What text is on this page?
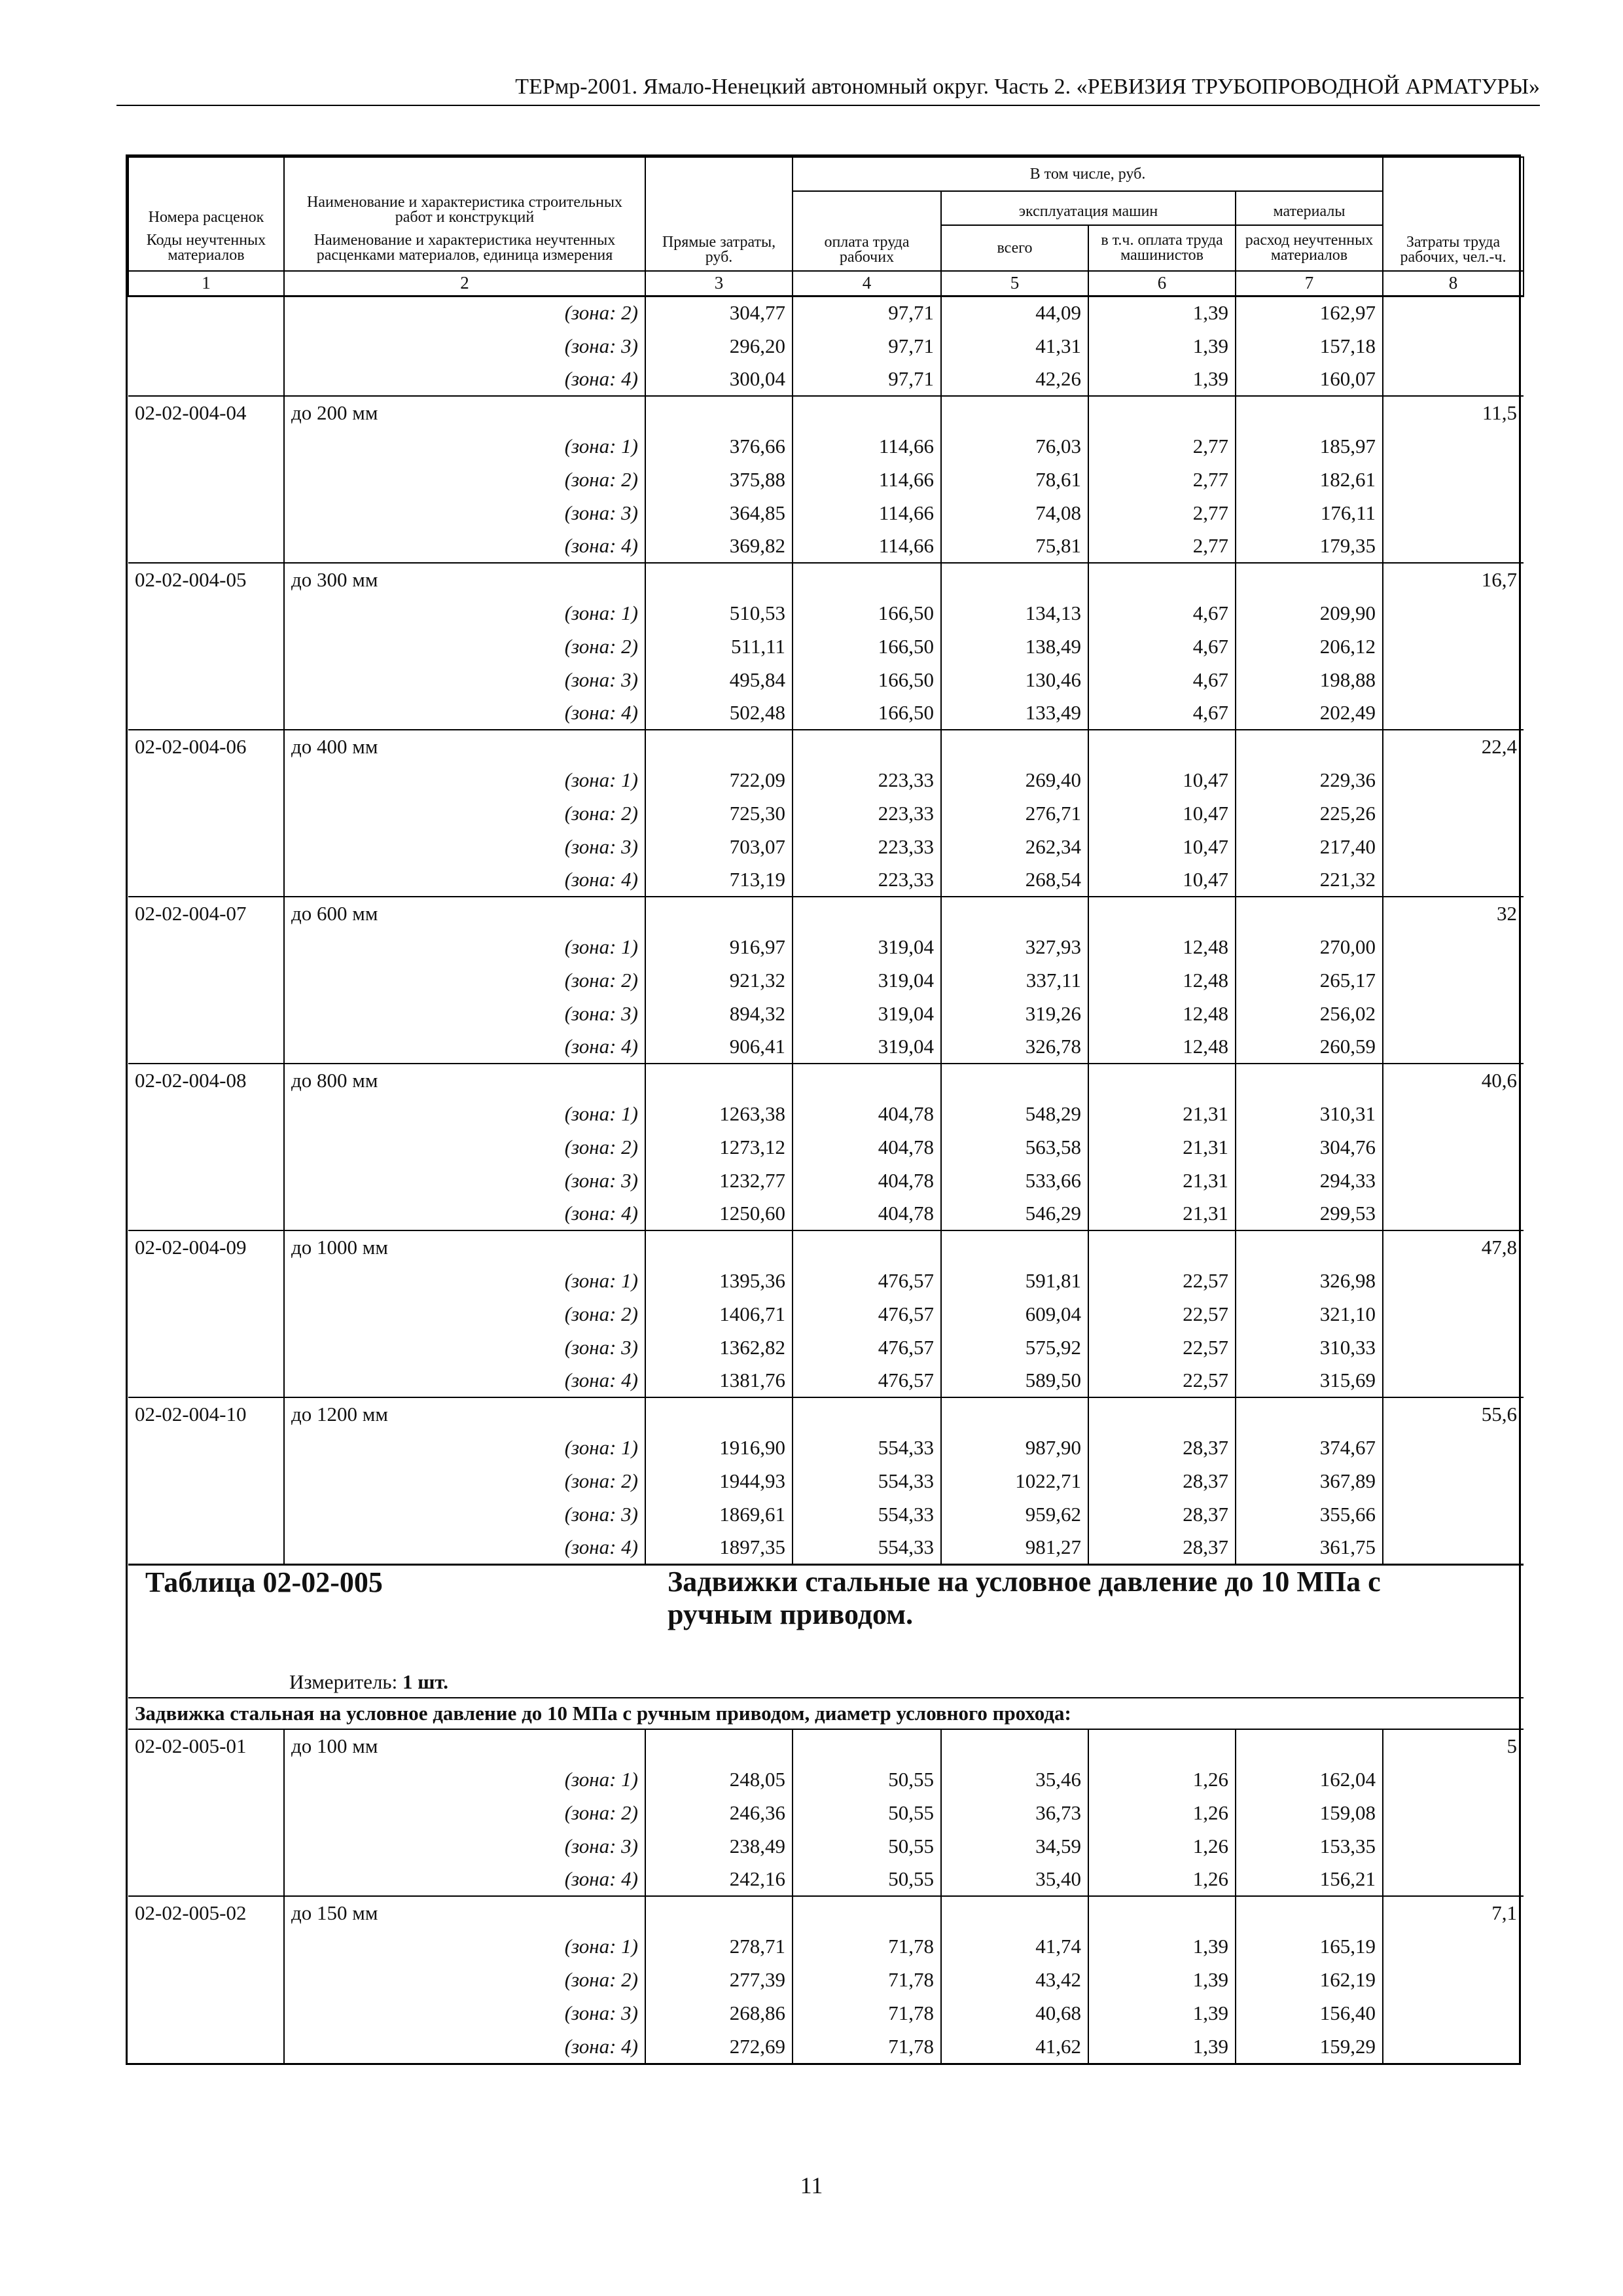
ТЕРмр-2001. Ямало-Ненецкий автономный округ. Часть 2. «РЕВИЗИЯ ТРУБОПРОВОДНОЙ АРМАТУРЫ»
Номера расценок	Наименование и характеристика строительных работ и конструкций	Прямые затраты, руб.	В том числе, руб.				Затраты труда рабочих, чел.-ч.
			оплата труда рабочих	эксплуатация машин		материалы	
Коды неучтенных материалов	Наименование и характеристика неучтенных расценками материалов, единица измерения			всего	в т.ч. оплата труда машинистов	расход неучтенных материалов	

1	2	3	4	5	6	7	8
	(зона: 2)	304,77	97,71	44,09	1,39	162,97	
	(зона: 3)	296,20	97,71	41,31	1,39	157,18	
	(зона: 4)	300,04	97,71	42,26	1,39	160,07	
02-02-004-04	до 200 мм						11,5
	(зона: 1)	376,66	114,66	76,03	2,77	185,97	
	(зона: 2)	375,88	114,66	78,61	2,77	182,61	
	(зона: 3)	364,85	114,66	74,08	2,77	176,11	
	(зона: 4)	369,82	114,66	75,81	2,77	179,35	
02-02-004-05	до 300 мм						16,7
	(зона: 1)	510,53	166,50	134,13	4,67	209,90	
	(зона: 2)	511,11	166,50	138,49	4,67	206,12	
	(зона: 3)	495,84	166,50	130,46	4,67	198,88	
	(зона: 4)	502,48	166,50	133,49	4,67	202,49	
02-02-004-06	до 400 мм						22,4
	(зона: 1)	722,09	223,33	269,40	10,47	229,36	
	(зона: 2)	725,30	223,33	276,71	10,47	225,26	
	(зона: 3)	703,07	223,33	262,34	10,47	217,40	
	(зона: 4)	713,19	223,33	268,54	10,47	221,32	
02-02-004-07	до 600 мм						32
	(зона: 1)	916,97	319,04	327,93	12,48	270,00	
	(зона: 2)	921,32	319,04	337,11	12,48	265,17	
	(зона: 3)	894,32	319,04	319,26	12,48	256,02	
	(зона: 4)	906,41	319,04	326,78	12,48	260,59	
02-02-004-08	до 800 мм						40,6
	(зона: 1)	1263,38	404,78	548,29	21,31	310,31	
	(зона: 2)	1273,12	404,78	563,58	21,31	304,76	
	(зона: 3)	1232,77	404,78	533,66	21,31	294,33	
	(зона: 4)	1250,60	404,78	546,29	21,31	299,53	
02-02-004-09	до 1000 мм						47,8
	(зона: 1)	1395,36	476,57	591,81	22,57	326,98	
	(зона: 2)	1406,71	476,57	609,04	22,57	321,10	
	(зона: 3)	1362,82	476,57	575,92	22,57	310,33	
	(зона: 4)	1381,76	476,57	589,50	22,57	315,69	
02-02-004-10	до 1200 мм						55,6
	(зона: 1)	1916,90	554,33	987,90	28,37	374,67	
	(зона: 2)	1944,93	554,33	1022,71	28,37	367,89	
	(зона: 3)	1869,61	554,33	959,62	28,37	355,66	
	(зона: 4)	1897,35	554,33	981,27	28,37	361,75	
Таблица 02-02-005 Задвижки стальные на условное давление до 10 МПа с ручным приводом.							
Измеритель: 1 шт.							
Задвижка стальная на условное давление до 10 МПа с ручным приводом, диаметр условного прохода:							
02-02-005-01	до 100 мм						5
	(зона: 1)	248,05	50,55	35,46	1,26	162,04	
	(зона: 2)	246,36	50,55	36,73	1,26	159,08	
	(зона: 3)	238,49	50,55	34,59	1,26	153,35	
	(зона: 4)	242,16	50,55	35,40	1,26	156,21	
02-02-005-02	до 150 мм						7,1
	(зона: 1)	278,71	71,78	41,74	1,39	165,19	
	(зона: 2)	277,39	71,78	43,42	1,39	162,19	
	(зона: 3)	268,86	71,78	40,68	1,39	156,40	
	(зона: 4)	272,69	71,78	41,62	1,39	159,29	
11
